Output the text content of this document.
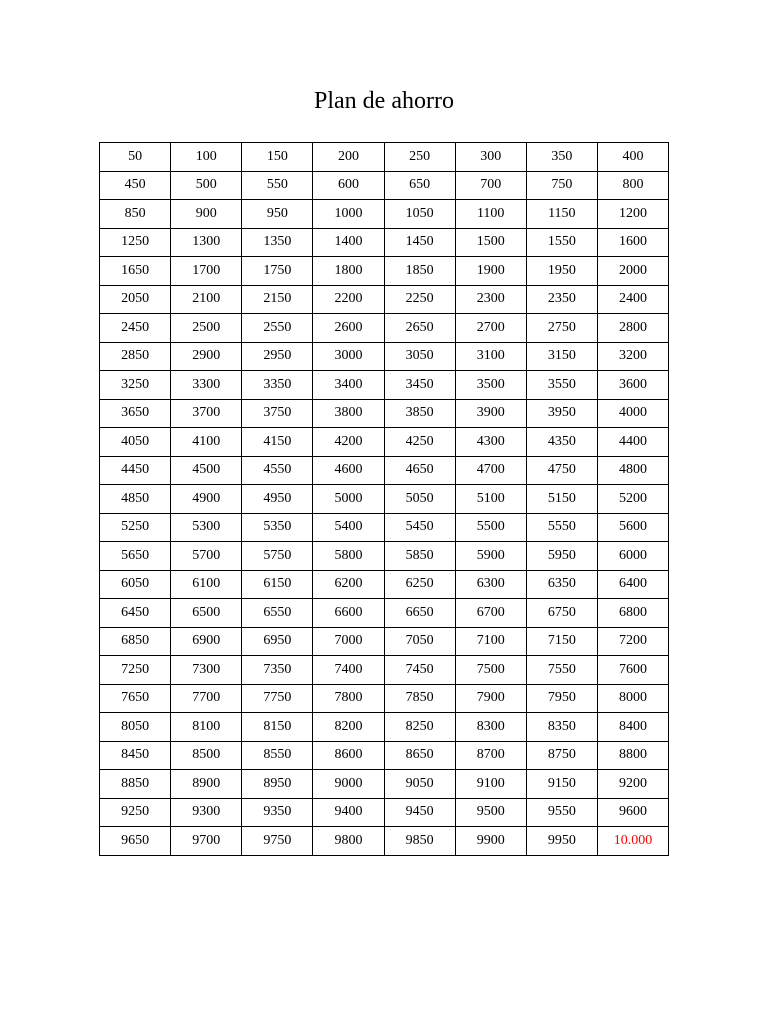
Plan de ahorro
50	100	150	200	250	300	350	400
450	500	550	600	650	700	750	800
850	900	950	1000	1050	1100	1150	1200
1250	1300	1350	1400	1450	1500	1550	1600
1650	1700	1750	1800	1850	1900	1950	2000
2050	2100	2150	2200	2250	2300	2350	2400
2450	2500	2550	2600	2650	2700	2750	2800
2850	2900	2950	3000	3050	3100	3150	3200
3250	3300	3350	3400	3450	3500	3550	3600
3650	3700	3750	3800	3850	3900	3950	4000
4050	4100	4150	4200	4250	4300	4350	4400
4450	4500	4550	4600	4650	4700	4750	4800
4850	4900	4950	5000	5050	5100	5150	5200
5250	5300	5350	5400	5450	5500	5550	5600
5650	5700	5750	5800	5850	5900	5950	6000
6050	6100	6150	6200	6250	6300	6350	6400
6450	6500	6550	6600	6650	6700	6750	6800
6850	6900	6950	7000	7050	7100	7150	7200
7250	7300	7350	7400	7450	7500	7550	7600
7650	7700	7750	7800	7850	7900	7950	8000
8050	8100	8150	8200	8250	8300	8350	8400
8450	8500	8550	8600	8650	8700	8750	8800
8850	8900	8950	9000	9050	9100	9150	9200
9250	9300	9350	9400	9450	9500	9550	9600
9650	9700	9750	9800	9850	9900	9950	10.000
